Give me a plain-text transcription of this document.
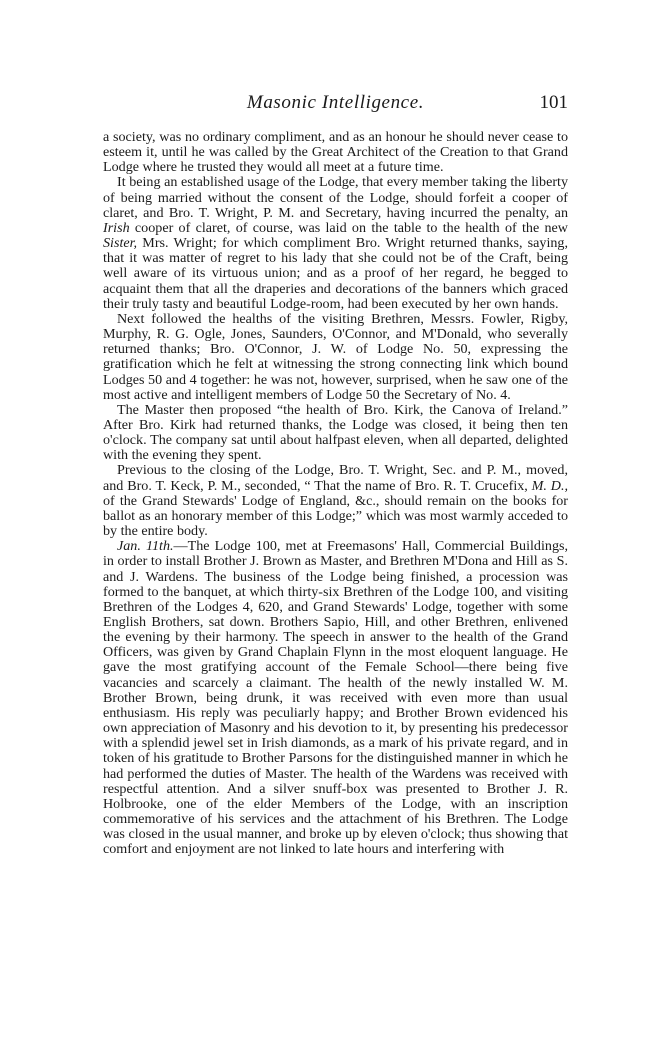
Masonic Intelligence.	101

a society, was no ordinary compliment, and as an honour he should never cease to esteem it, until he was called by the Great Architect of the Creation to that Grand Lodge where he trusted they would all meet at a future time.

It being an established usage of the Lodge, that every member taking the liberty of being married without the consent of the Lodge, should forfeit a cooper of claret, and Bro. T. Wright, P. M. and Secretary, having incurred the penalty, an Irish cooper of claret, of course, was laid on the table to the health of the new Sister, Mrs. Wright; for which compliment Bro. Wright returned thanks, saying, that it was matter of regret to his lady that she could not be of the Craft, being well aware of its virtuous union; and as a proof of her regard, he begged to acquaint them that all the draperies and decorations of the banners which graced their truly tasty and beautiful Lodge-room, had been executed by her own hands.

Next followed the healths of the visiting Brethren, Messrs. Fowler, Rigby, Murphy, R. G. Ogle, Jones, Saunders, O'Connor, and M'Donald, who severally returned thanks; Bro. O'Connor, J. W. of Lodge No. 50, expressing the gratification which he felt at witnessing the strong connecting link which bound Lodges 50 and 4 together: he was not, however, surprised, when he saw one of the most active and intelligent members of Lodge 50 the Secretary of No. 4.

The Master then proposed “the health of Bro. Kirk, the Canova of Ireland.” After Bro. Kirk had returned thanks, the Lodge was closed, it being then ten o'clock. The company sat until about halfpast eleven, when all departed, delighted with the evening they spent.

Previous to the closing of the Lodge, Bro. T. Wright, Sec. and P. M., moved, and Bro. T. Keck, P. M., seconded, “ That the name of Bro. R. T. Crucefix, M. D., of the Grand Stewards' Lodge of England, &c., should remain on the books for ballot as an honorary member of this Lodge;” which was most warmly acceded to by the entire body.

Jan. 11th.—The Lodge 100, met at Freemasons' Hall, Commercial Buildings, in order to install Brother J. Brown as Master, and Brethren M'Dona and Hill as S. and J. Wardens. The business of the Lodge being finished, a procession was formed to the banquet, at which thirty-six Brethren of the Lodge 100, and visiting Brethren of the Lodges 4, 620, and Grand Stewards' Lodge, together with some English Brothers, sat down. Brothers Sapio, Hill, and other Brethren, enlivened the evening by their harmony. The speech in answer to the health of the Grand Officers, was given by Grand Chaplain Flynn in the most eloquent language. He gave the most gratifying account of the Female School—there being five vacancies and scarcely a claimant. The health of the newly installed W. M. Brother Brown, being drunk, it was received with even more than usual enthusiasm. His reply was peculiarly happy; and Brother Brown evidenced his own appreciation of Masonry and his devotion to it, by presenting his predecessor with a splendid jewel set in Irish diamonds, as a mark of his private regard, and in token of his gratitude to Brother Parsons for the distinguished manner in which he had performed the duties of Master. The health of the Wardens was received with respectful attention. And a silver snuff-box was presented to Brother J. R. Holbrooke, one of the elder Members of the Lodge, with an inscription commemorative of his services and the attachment of his Brethren. The Lodge was closed in the usual manner, and broke up by eleven o'clock; thus showing that comfort and enjoyment are not linked to late hours and interfering with
